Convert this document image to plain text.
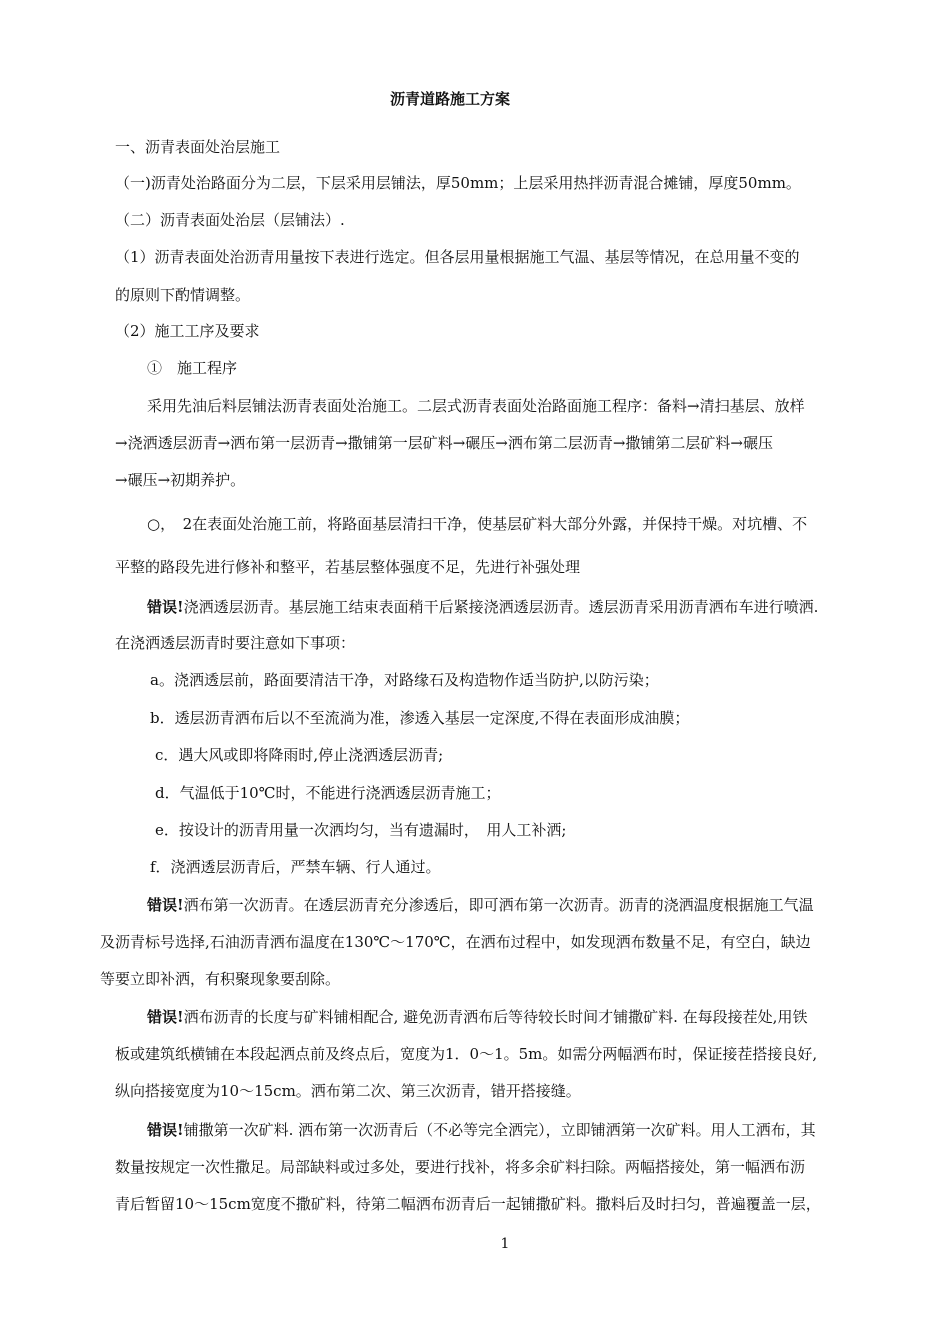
沥青道路施工方案
一、沥青表面处治层施工
（一)沥青处治路面分为二层，下层采用层铺法，厚50mm；上层采用热拌沥青混合摊铺，厚度50mm。
（二）沥青表面处治层（层铺法）.
（1）沥青表面处治沥青用量按下表进行选定。但各层用量根据施工气温、基层等情况，在总用量不变的
的原则下酌情调整。
（2）施工工序及要求
①　施工程序
采用先油后料层铺法沥青表面处治施工。二层式沥青表面处治路面施工程序：备料→清扫基层、放样
→浇洒透层沥青→洒布第一层沥青→撒铺第一层矿料→碾压→洒布第二层沥青→撒铺第二层矿料→碾压
→碾压→初期养护。
○，　2在表面处治施工前，将路面基层清扫干净，使基层矿料大部分外露，并保持干燥。对坑槽、不
平整的路段先进行修补和整平，若基层整体强度不足，先进行补强处理
错误!浇洒透层沥青。基层施工结束表面稍干后紧接浇洒透层沥青。透层沥青采用沥青洒布车进行喷洒.
在浇洒透层沥青时要注意如下事项：
a。浇洒透层前，路面要清洁干净，对路缘石及构造物作适当防护,以防污染；
b．透层沥青洒布后以不至流淌为准，渗透入基层一定深度,不得在表面形成油膜；
c．遇大风或即将降雨时,停止浇洒透层沥青;
d．气温低于10℃时，不能进行浇洒透层沥青施工；
e．按设计的沥青用量一次洒均匀，当有遗漏时，　用人工补洒;
f．浇洒透层沥青后，严禁车辆、行人通过。
错误!洒布第一次沥青。在透层沥青充分渗透后，即可洒布第一次沥青。沥青的浇洒温度根据施工气温
及沥青标号选择,石油沥青洒布温度在130℃～170℃，在洒布过程中，如发现洒布数量不足，有空白，缺边
等要立即补洒，有积聚现象要刮除。
错误!洒布沥青的长度与矿料铺相配合, 避免沥青洒布后等待较长时间才铺撒矿料. 在每段接茬处,用铁
板或建筑纸横铺在本段起洒点前及终点后，宽度为1．0～1。5m。如需分两幅洒布时，保证接茬搭接良好,
纵向搭接宽度为10～15cm。洒布第二次、第三次沥青，错开搭接缝。
错误!铺撒第一次矿料. 洒布第一次沥青后（不必等完全洒完），立即铺洒第一次矿料。用人工洒布，其
数量按规定一次性撒足。局部缺料或过多处，要进行找补，将多余矿料扫除。两幅搭接处，第一幅洒布沥
青后暂留10～15cm宽度不撒矿料，待第二幅洒布沥青后一起铺撒矿料。撒料后及时扫匀，普遍覆盖一层，
1
